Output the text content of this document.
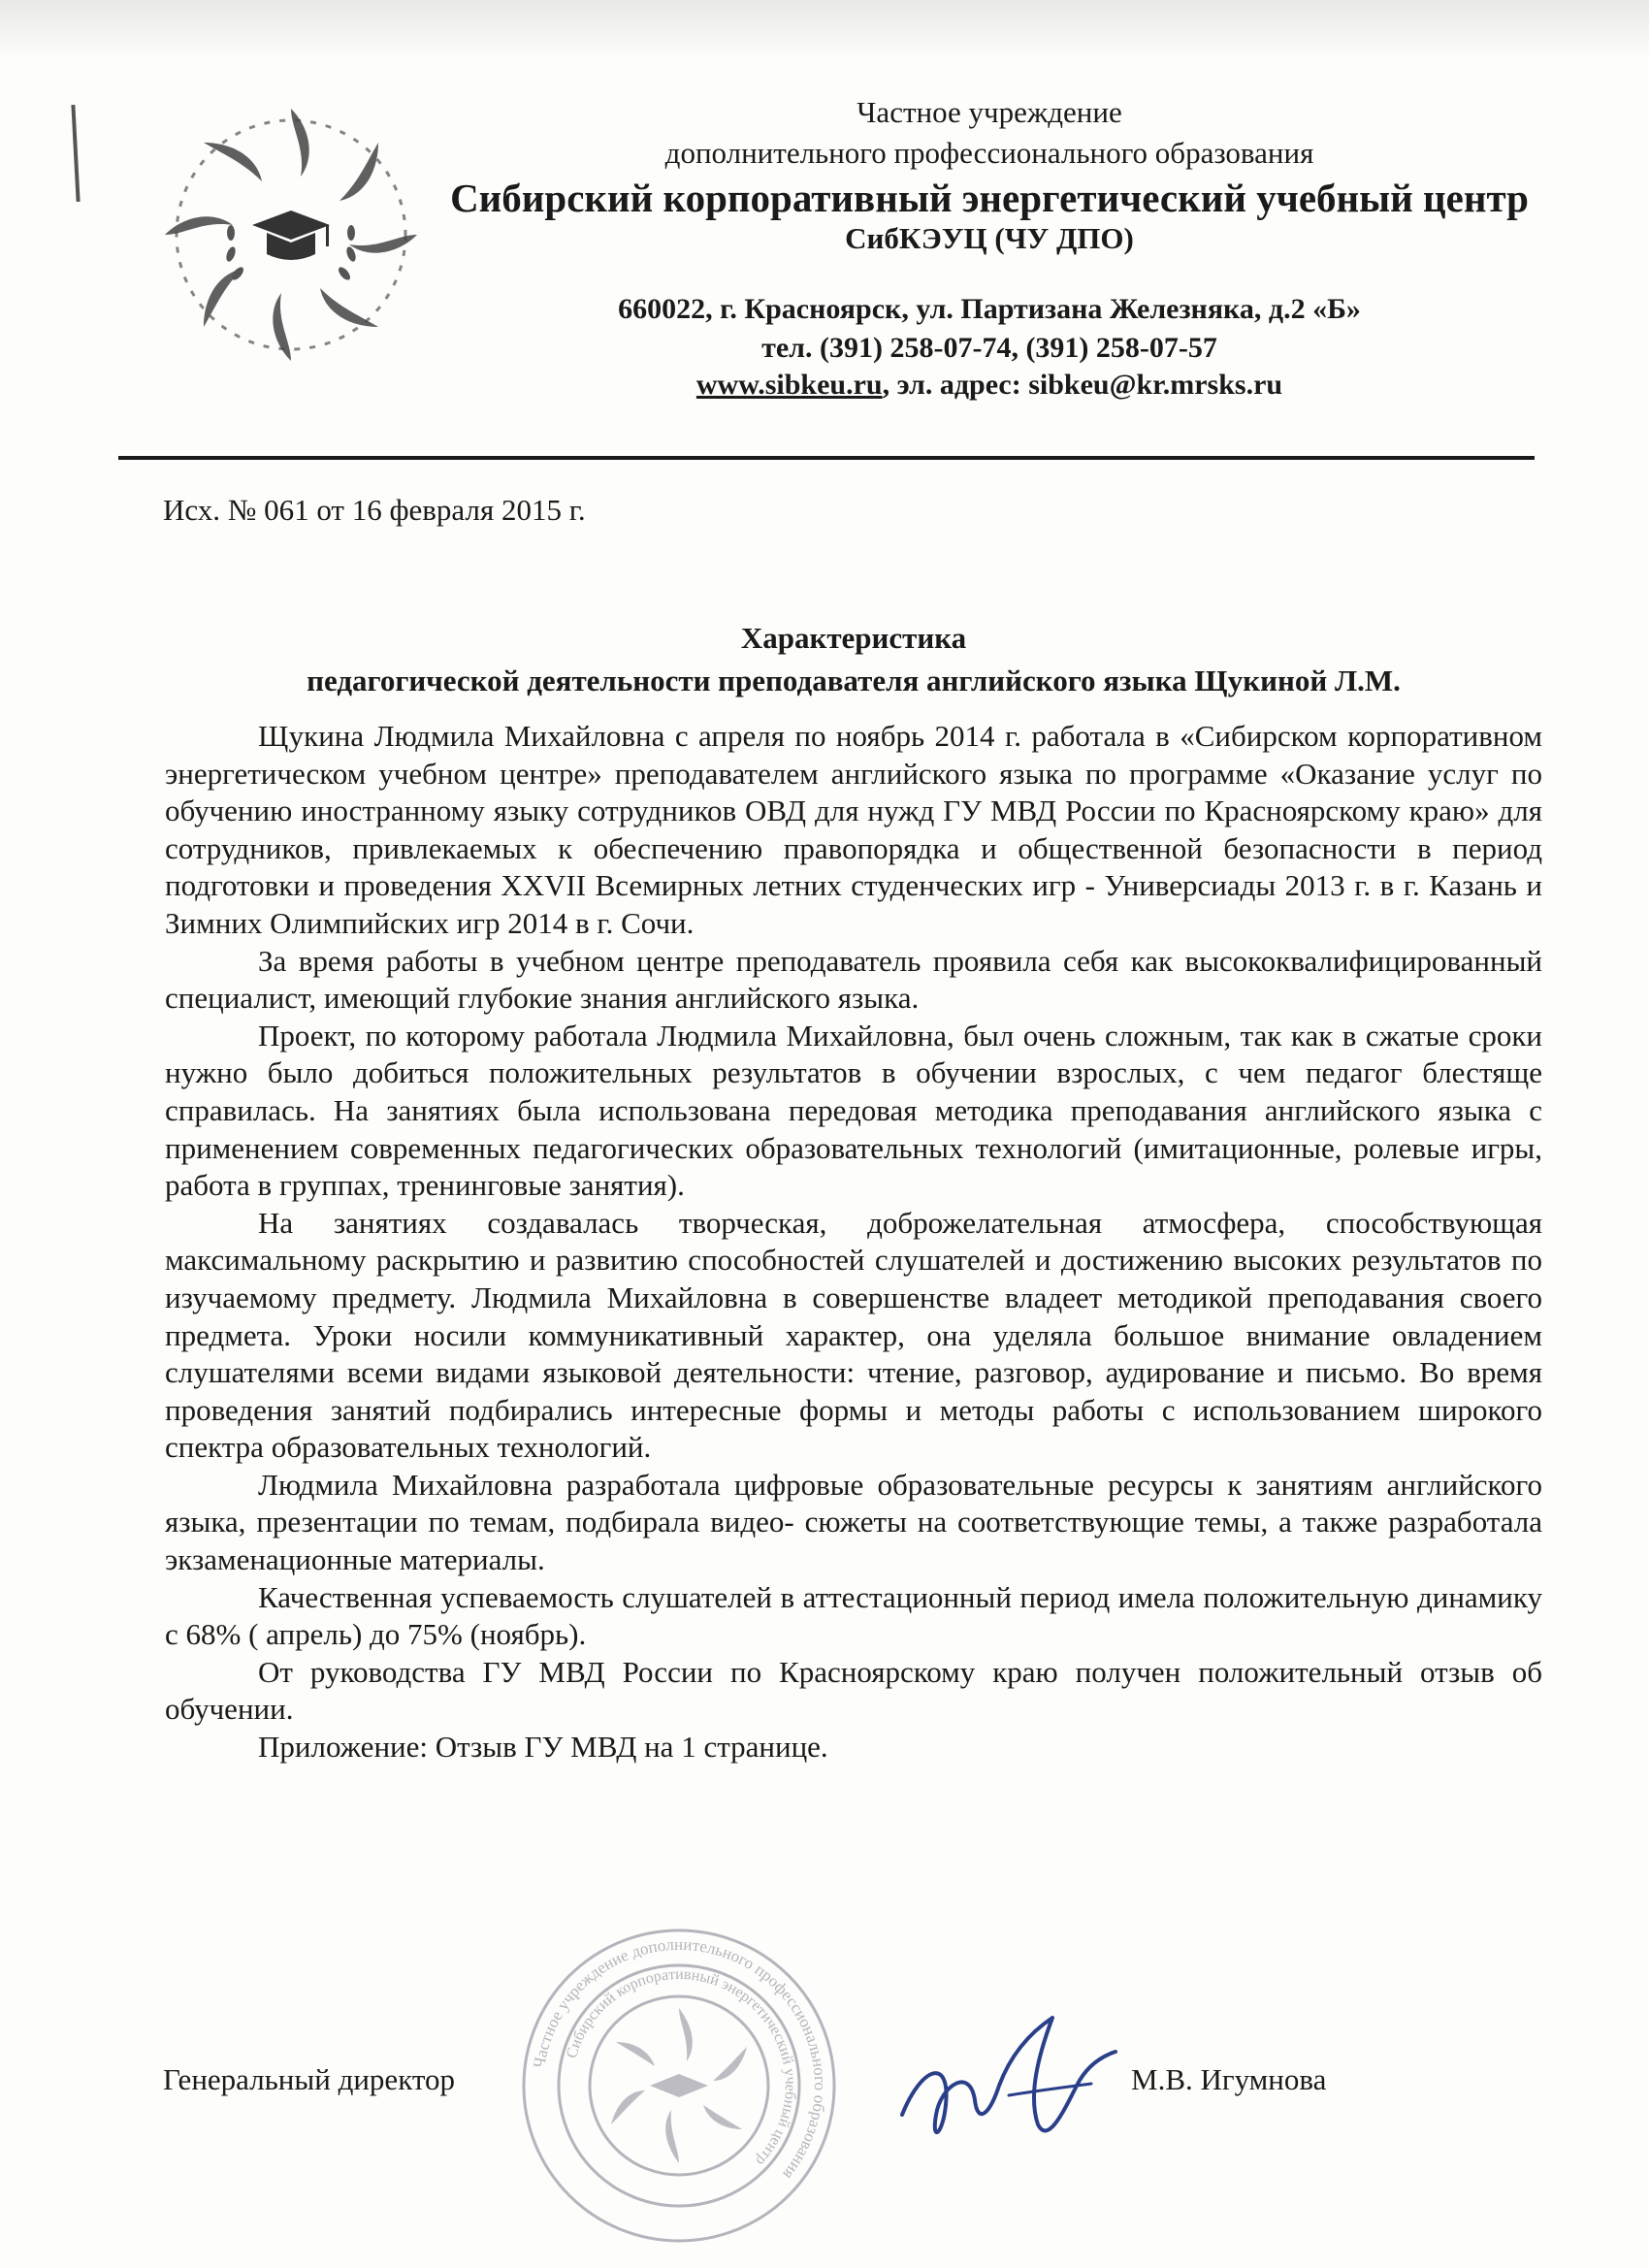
Частное учреждение
дополнительного профессионального образования
Сибирский корпоративный энергетический учебный центр
СибКЭУЦ (ЧУ ДПО)
660022, г. Красноярск, ул. Партизана Железняка, д.2 «Б»
тел. (391) 258-07-74, (391) 258-07-57
www.sibkeu.ru, эл. адрес: sibkeu@kr.mrsks.ru
Исх. № 061 от 16 февраля 2015 г.
Характеристика
педагогической деятельности преподавателя английского языка Щукиной Л.М.

Щукина Людмила Михайловна с апреля по ноябрь 2014 г. работала в «Сибирском корпоративном энергетическом учебном центре» преподавателем английского языка по программе «Оказание услуг по обучению иностранному языку сотрудников ОВД для нужд ГУ МВД России по Красноярскому краю» для сотрудников, привлекаемых к обеспечению правопорядка и общественной безопасности в период подготовки и проведения XXVII Всемирных летних студенческих игр - Универсиады 2013 г. в г. Казань и Зимних Олимпийских игр 2014 в г. Сочи.

За время работы в учебном центре преподаватель проявила себя как высококвалифицированный специалист, имеющий глубокие знания английского языка.

Проект, по которому работала Людмила Михайловна, был очень сложным, так как в сжатые сроки нужно было добиться положительных результатов в обучении взрослых, с чем педагог блестяще справилась. На занятиях была использована передовая методика преподавания английского языка с применением современных педагогических образовательных технологий (имитационные, ролевые игры, работа в группах, тренинговые занятия).

На занятиях создавалась творческая, доброжелательная атмосфера, способствующая максимальному раскрытию и развитию способностей слушателей и достижению высоких результатов по изучаемому предмету. Людмила Михайловна в совершенстве владеет методикой преподавания своего предмета. Уроки носили коммуникативный характер, она уделяла большое внимание овладением слушателями всеми видами языковой деятельности: чтение, разговор, аудирование и письмо. Во время проведения занятий подбирались интересные формы и методы работы с использованием широкого спектра образовательных технологий.

Людмила Михайловна разработала цифровые образовательные ресурсы к занятиям английского языка, презентации по темам, подбирала видео- сюжеты на соответствующие темы, а также разработала экзаменационные материалы.

Качественная успеваемость слушателей в аттестационный период имела положительную динамику с 68% ( апрель) до 75% (ноябрь).

От руководства ГУ МВД России по Красноярскому краю получен положительный отзыв об обучении.

Приложение: Отзыв ГУ МВД на 1 странице.

Частное учреждение дополнительного профессионального образования
Сибирский корпоративный энергетический учебный центр
Генеральный директор	М.В. Игумнова
